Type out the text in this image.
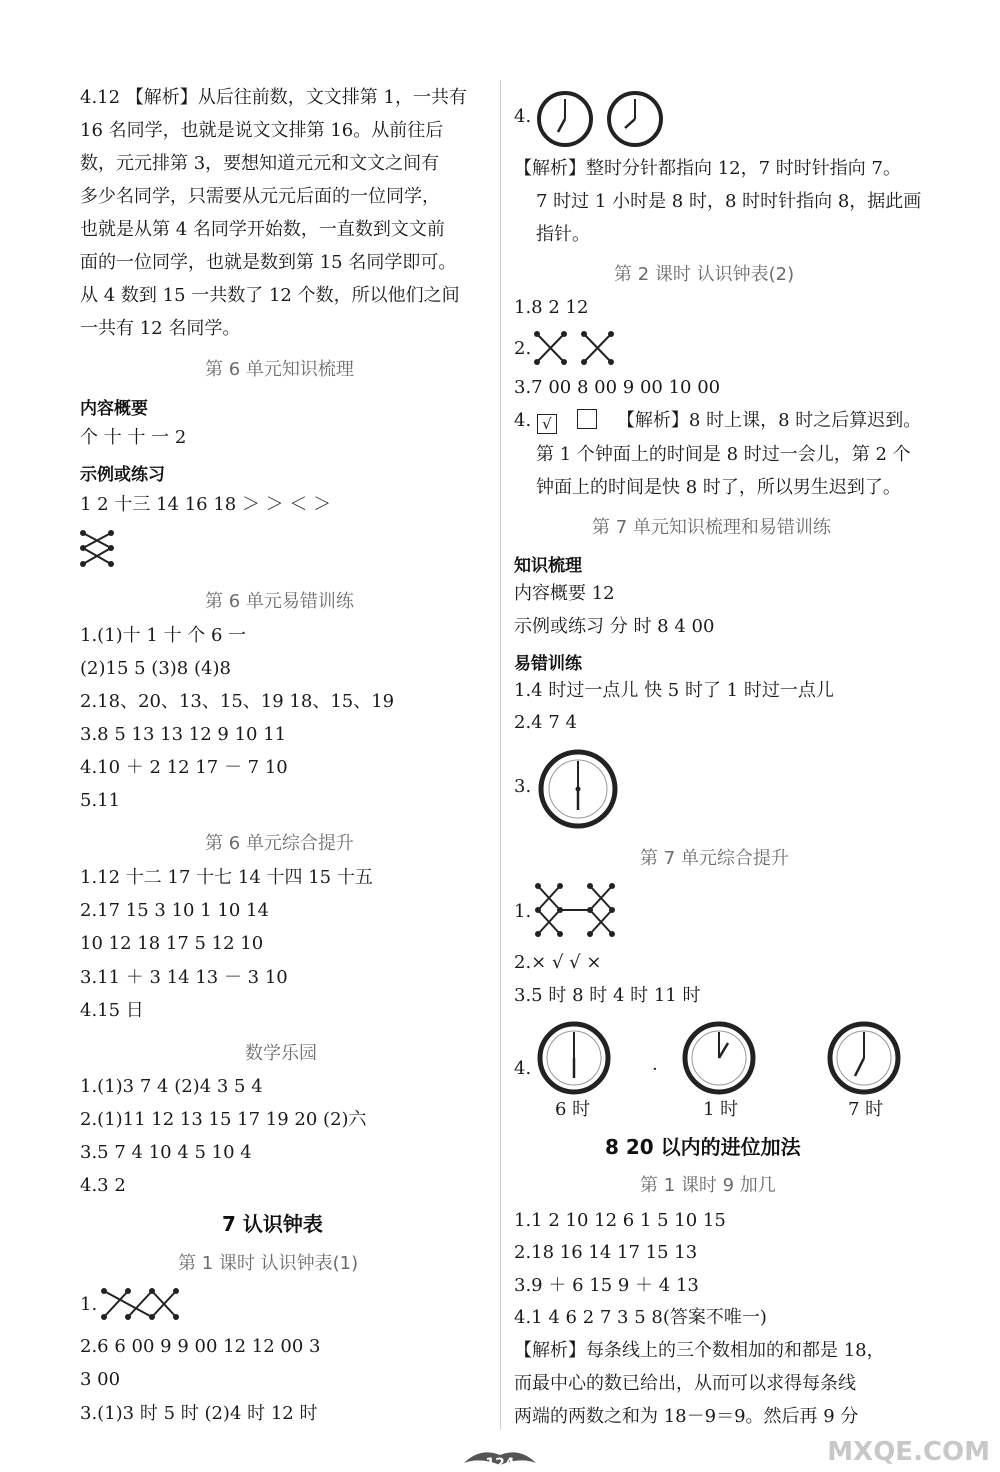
4.12 【解析】从后往前数，文文排第 1，一共有
16 名同学，也就是说文文排第 16。从前往后
数，元元排第 3，要想知道元元和文文之间有
多少名同学，只需要从元元后面的一位同学，
也就是从第 4 名同学开始数，一直数到文文前
面的一位同学，也就是数到第 15 名同学即可。
从 4 数到 15 一共数了 12 个数，所以他们之间
一共有 12 名同学。
第 6 单元知识梳理
内容概要
个 十 十 一 2
示例或练习
1 2 十三 14 16 18 ＞ ＞ ＜ ＞
第 6 单元易错训练
1.(1)十 1 十 个 6 一
(2)15 5 (3)8 (4)8
2.18、20、13、15、19 18、15、19
3.8 5 13 13 12 9 10 11
4.10 ＋ 2 12 17 － 7 10
5.11
第 6 单元综合提升
1.12 十二 17 十七 14 十四 15 十五
2.17 15 3 10 1 10 14
10 12 18 17 5 12 10
3.11 ＋ 3 14 13 － 3 10
4.15 日
数学乐园
1.(1)3 7 4 (2)4 3 5 4
2.(1)11 12 13 15 17 19 20 (2)六
3.5 7 4 10 4 5 10 4
4.3 2
7 认识钟表
第 1 课时 认识钟表(1)
1.
2.6 6 00 9 9 00 12 12 00 3
3 00
3.(1)3 时 5 时 (2)4 时 12 时
4.
【解析】整时分针都指向 12，7 时时针指向 7。
7 时过 1 小时是 8 时，8 时时针指向 8，据此画
指针。
第 2 课时 认识钟表(2)
1.8 2 12
2.
3.7 00 8 00 9 00 10 00
4. √	【解析】8 时上课，8 时之后算迟到。
第 1 个钟面上的时间是 8 时过一会儿，第 2 个
钟面上的时间是快 8 时了，所以男生迟到了。
第 7 单元知识梳理和易错训练
知识梳理
内容概要 12
示例或练习 分 时 8 4 00
易错训练
1.4 时过一点儿 快 5 时了 1 时过一点儿
2.4 7 4
3.
第 7 单元综合提升
1.
2.× √ √ ×
3.5 时 8 时 4 时 11 时
4.
6 时
·
1 时	7 时
8 20 以内的进位加法
第 1 课时 9 加几
1.1 2 10 12 6 1 5 10 15
2.18 16 14 17 15 13
3.9 ＋ 6 15 9 ＋ 4 13
4.1 4 6 2 7 3 5 8(答案不唯一)
【解析】每条线上的三个数相加的和都是 18，
而最中心的数已给出，从而可以求得每条线
两端的两数之和为 18－9＝9。然后再 9 分
124	MXQE.COM
